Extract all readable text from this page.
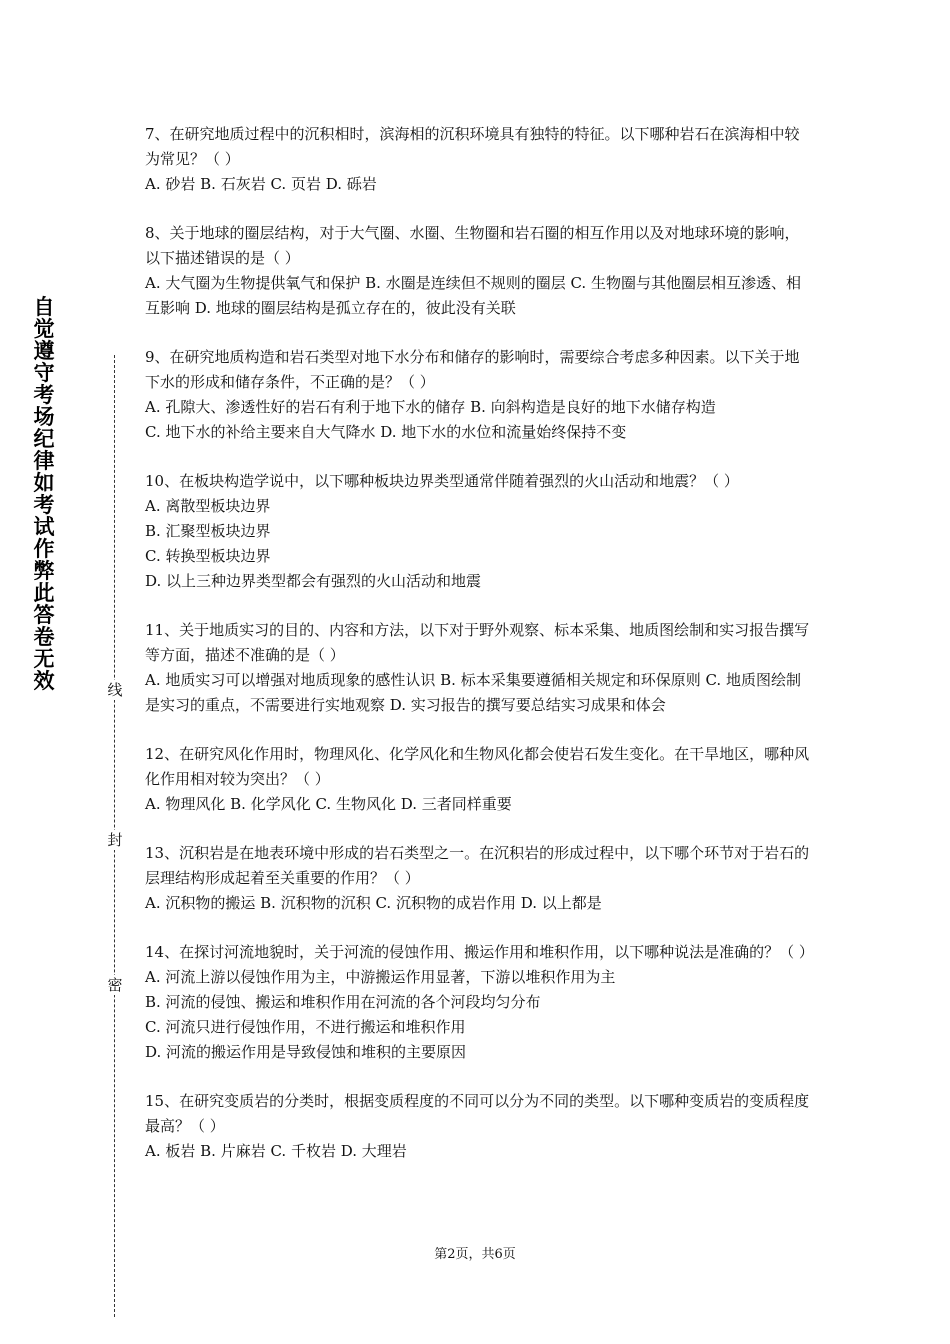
自觉遵守考场纪律如考试作弊此答卷无效	线
封
密

7、在研究地质过程中的沉积相时，滨海相的沉积环境具有独特的特征。以下哪种岩石在滨海相中较为常见？（ ）

A. 砂岩 B. 石灰岩 C. 页岩 D. 砾岩

8、关于地球的圈层结构，对于大气圈、水圈、生物圈和岩石圈的相互作用以及对地球环境的影响，以下描述错误的是（ ）

A. 大气圈为生物提供氧气和保护 B. 水圈是连续但不规则的圈层 C. 生物圈与其他圈层相互渗透、相互影响 D. 地球的圈层结构是孤立存在的，彼此没有关联

9、在研究地质构造和岩石类型对地下水分布和储存的影响时，需要综合考虑多种因素。以下关于地下水的形成和储存条件，不正确的是？（ ）

A. 孔隙大、渗透性好的岩石有利于地下水的储存 B. 向斜构造是良好的地下水储存构造

C. 地下水的补给主要来自大气降水 D. 地下水的水位和流量始终保持不变

10、在板块构造学说中，以下哪种板块边界类型通常伴随着强烈的火山活动和地震？（ ）

A. 离散型板块边界

B. 汇聚型板块边界

C. 转换型板块边界

D. 以上三种边界类型都会有强烈的火山活动和地震

11、关于地质实习的目的、内容和方法，以下对于野外观察、标本采集、地质图绘制和实习报告撰写等方面，描述不准确的是（ ）

A. 地质实习可以增强对地质现象的感性认识 B. 标本采集要遵循相关规定和环保原则 C. 地质图绘制是实习的重点，不需要进行实地观察 D. 实习报告的撰写要总结实习成果和体会

12、在研究风化作用时，物理风化、化学风化和生物风化都会使岩石发生变化。在干旱地区，哪种风化作用相对较为突出？（ ）

A. 物理风化 B. 化学风化 C. 生物风化 D. 三者同样重要

13、沉积岩是在地表环境中形成的岩石类型之一。在沉积岩的形成过程中，以下哪个环节对于岩石的层理结构形成起着至关重要的作用？（ ）

A. 沉积物的搬运 B. 沉积物的沉积 C. 沉积物的成岩作用 D. 以上都是

14、在探讨河流地貌时，关于河流的侵蚀作用、搬运作用和堆积作用，以下哪种说法是准确的？（ ）

A. 河流上游以侵蚀作用为主，中游搬运作用显著，下游以堆积作用为主

B. 河流的侵蚀、搬运和堆积作用在河流的各个河段均匀分布

C. 河流只进行侵蚀作用，不进行搬运和堆积作用

D. 河流的搬运作用是导致侵蚀和堆积的主要原因

15、在研究变质岩的分类时，根据变质程度的不同可以分为不同的类型。以下哪种变质岩的变质程度最高？（ ）

A. 板岩 B. 片麻岩 C. 千枚岩 D. 大理岩

第2页，共6页
